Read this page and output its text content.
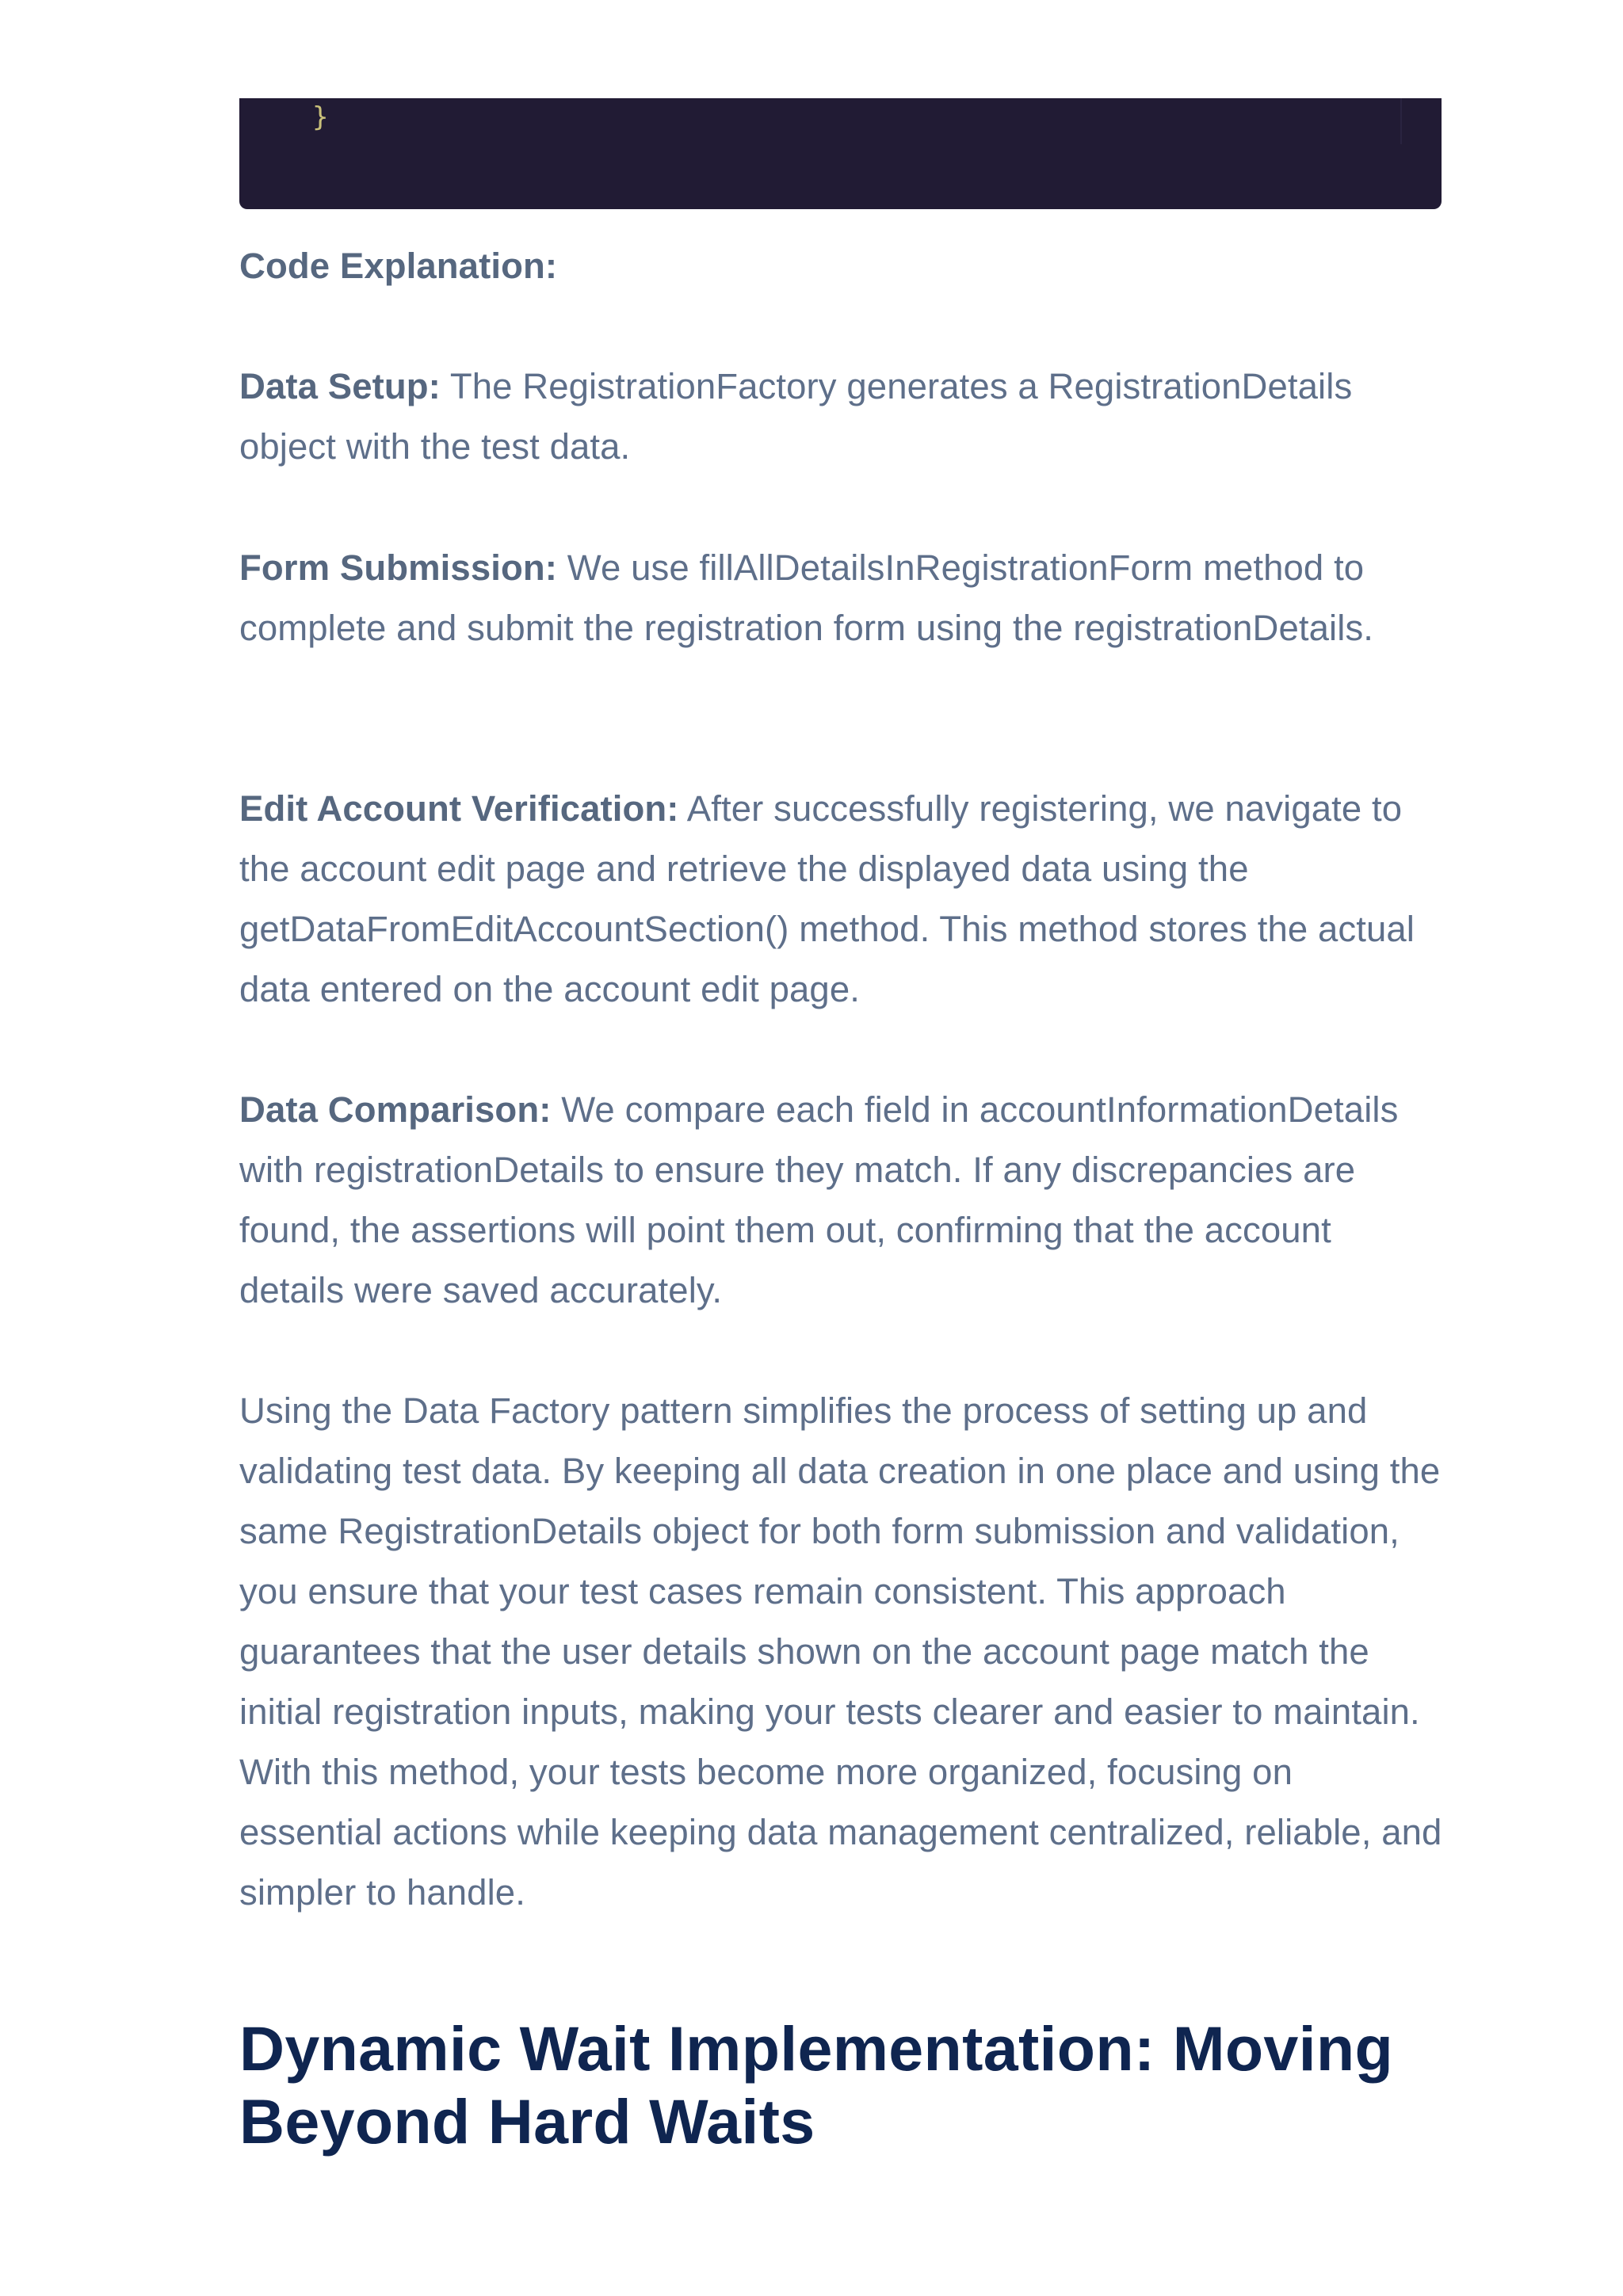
}

Code Explanation:

Data Setup: The RegistrationFactory generates a RegistrationDetails object with the test data.

Form Submission: We use fillAllDetailsInRegistrationForm method to complete and submit the registration form using the registrationDetails.

Edit Account Verification: After successfully registering, we navigate to the account edit page and retrieve the displayed data using the getDataFromEditAccountSection() method. This method stores the actual data entered on the account edit page.

Data Comparison: We compare each field in accountInformationDetails with registrationDetails to ensure they match. If any discrepancies are found, the assertions will point them out, confirming that the account details were saved accurately.

Using the Data Factory pattern simplifies the process of setting up and validating test data. By keeping all data creation in one place and using the same RegistrationDetails object for both form submission and validation, you ensure that your test cases remain consistent. This approach guarantees that the user details shown on the account page match the initial registration inputs, making your tests clearer and easier to maintain. With this method, your tests become more organized, focusing on essential actions while keeping data management centralized, reliable, and simpler to handle.

Dynamic Wait Implementation: Moving Beyond Hard Waits
